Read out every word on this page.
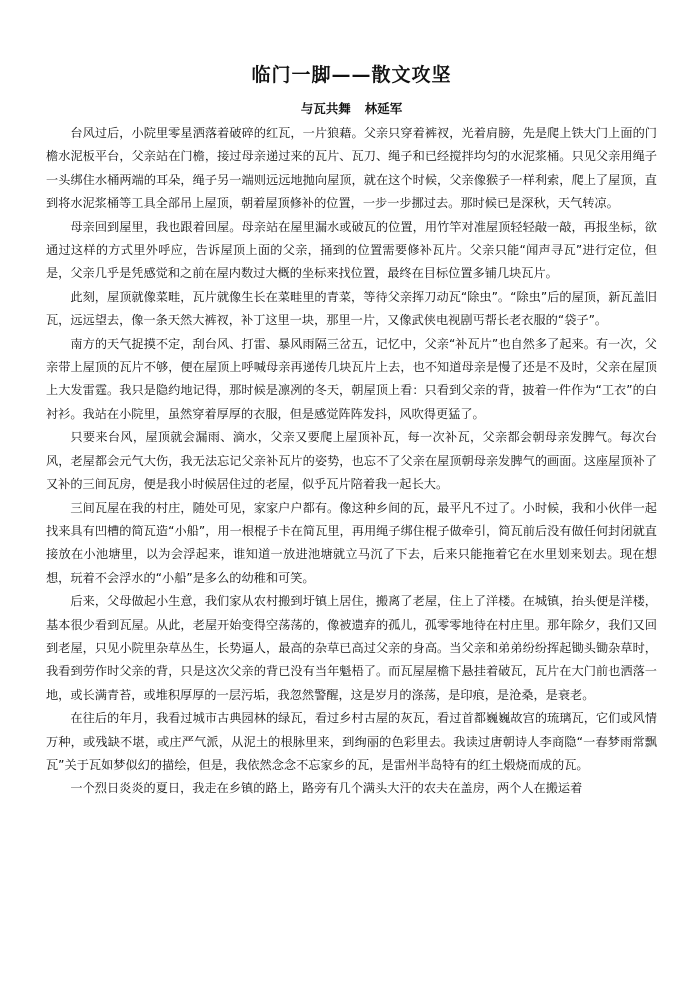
临门一脚——散文攻坚
与瓦共舞 林延军

台风过后，小院里零星洒落着破碎的红瓦，一片狼藉。父亲只穿着裤衩，光着肩膀，先是爬上铁大门上面的门檐水泥板平台，父亲站在门檐，接过母亲递过来的瓦片、瓦刀、绳子和已经搅拌均匀的水泥浆桶。只见父亲用绳子一头绑住水桶两端的耳朵，绳子另一端则远远地抛向屋顶，就在这个时候，父亲像猴子一样利索，爬上了屋顶，直到将水泥浆桶等工具全部吊上屋顶，朝着屋顶修补的位置，一步一步挪过去。那时候已是深秋，天气转凉。

母亲回到屋里，我也跟着回屋。母亲站在屋里漏水或破瓦的位置，用竹竿对准屋顶轻轻敲一敲，再报坐标，欲通过这样的方式里外呼应，告诉屋顶上面的父亲，捅到的位置需要修补瓦片。父亲只能“闻声寻瓦”进行定位，但是，父亲几乎是凭感觉和之前在屋内数过大概的坐标来找位置，最终在目标位置多铺几块瓦片。

此刻，屋顶就像菜畦，瓦片就像生长在菜畦里的青菜，等待父亲挥刀动瓦“除虫”。“除虫”后的屋顶，新瓦盖旧瓦，远远望去，像一条天然大裤衩，补丁这里一块，那里一片，又像武侠电视剧丐帮长老衣服的“袋子”。

南方的天气捉摸不定，刮台风、打雷、暴风雨隔三岔五，记忆中，父亲“补瓦片”也自然多了起来。有一次，父亲带上屋顶的瓦片不够，便在屋顶上呼喊母亲再递传几块瓦片上去，也不知道母亲是慢了还是不及时，父亲在屋顶上大发雷霆。我只是隐约地记得，那时候是凛冽的冬天，朝屋顶上看：只看到父亲的背，披着一件作为“工衣”的白衬衫。我站在小院里，虽然穿着厚厚的衣服，但是感觉阵阵发抖，风吹得更猛了。

只要来台风，屋顶就会漏雨、滴水，父亲又要爬上屋顶补瓦，每一次补瓦，父亲都会朝母亲发脾气。每次台风，老屋都会元气大伤，我无法忘记父亲补瓦片的姿势，也忘不了父亲在屋顶朝母亲发脾气的画面。这座屋顶补了又补的三间瓦房，便是我小时候居住过的老屋，似乎瓦片陪着我一起长大。

三间瓦屋在我的村庄，随处可见，家家户户都有。像这种乡间的瓦，最平凡不过了。小时候，我和小伙伴一起找来具有凹槽的简瓦造“小船”，用一根棍子卡在简瓦里，再用绳子绑住棍子做牵引，简瓦前后没有做任何封闭就直接放在小池塘里，以为会浮起来，谁知道一放进池塘就立马沉了下去，后来只能拖着它在水里划来划去。现在想想，玩着不会浮水的“小船”是多么的幼稚和可笑。

后来，父母做起小生意，我们家从农村搬到圩镇上居住，搬离了老屋，住上了洋楼。在城镇，抬头便是洋楼，基本很少看到瓦屋。从此，老屋开始变得空荡荡的，像被遗弃的孤儿，孤零零地待在村庄里。那年除夕，我们又回到老屋，只见小院里杂草丛生，长势逼人，最高的杂草已高过父亲的身高。当父亲和弟弟纷纷挥起锄头锄杂草时，我看到劳作时父亲的背，只是这次父亲的背已没有当年魁梧了。而瓦屋屋檐下悬挂着破瓦，瓦片在大门前也洒落一地，或长满青苔，或堆积厚厚的一层污垢，我忽然警醒，这是岁月的涤荡，是印痕，是沧桑，是衰老。

在往后的年月，我看过城市古典园林的绿瓦，看过乡村古屋的灰瓦，看过首都巍巍故宫的琉璃瓦，它们或风情万种，或残缺不堪，或庄严气派，从泥土的根脉里来，到绚丽的色彩里去。我读过唐朝诗人李商隐“一春梦雨常飘瓦”关于瓦如梦似幻的描绘，但是，我依然念念不忘家乡的瓦，是雷州半岛特有的红土煅烧而成的瓦。

一个烈日炎炎的夏日，我走在乡镇的路上，路旁有几个满头大汗的农夫在盖房，两个人在搬运着
